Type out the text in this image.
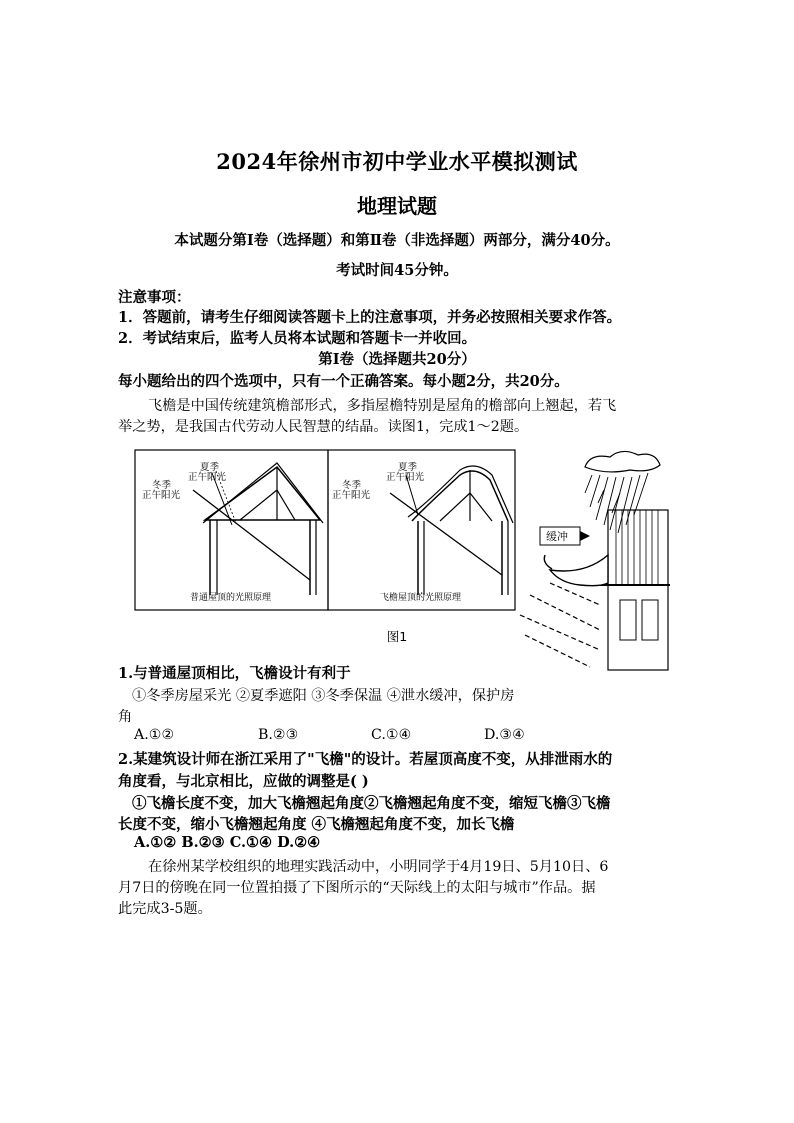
2024年徐州市初中学业水平模拟测试
地理试题
本试题分第Ⅰ卷（选择题）和第Ⅱ卷（非选择题）两部分，满分40分。
考试时间45分钟。
注意事项：
1．答题前，请考生仔细阅读答题卡上的注意事项，并务必按照相关要求作答。
2．考试结束后，监考人员将本试题和答题卡一并收回。
第Ⅰ卷（选择题共20分）
每小题给出的四个选项中，只有一个正确答案。每小题2分，共20分。
飞檐是中国传统建筑檐部形式，多指屋檐特别是屋角的檐部向上翘起，若飞
举之势，是我国古代劳动人民智慧的结晶。读图1，完成1～2题。
夏季
正午阳光
冬季
正午阳光
普通屋顶的光照原理
夏季
正午阳光
冬季
正午阳光
飞檐屋顶的光照原理
缓冲
图1
1.与普通屋顶相比，飞檐设计有利于
①冬季房屋采光 ②夏季遮阳 ③冬季保温 ④泄水缓冲，保护房
角
A.①②	B.②③	C.①④	D.③④
2.某建筑设计师在浙江采用了"飞檐"的设计。若屋顶高度不变，从排泄雨水的
角度看，与北京相比，应做的调整是( )
①飞檐长度不变，加大飞檐翘起角度②飞檐翘起角度不变，缩短飞檐③飞檐
长度不变，缩小飞檐翘起角度 ④飞檐翘起角度不变，加长飞檐
A.①② B.②③ C.①④ D.②④
在徐州某学校组织的地理实践活动中，小明同学于4月19日、5月10日、6
月7日的傍晚在同一位置拍摄了下图所示的“天际线上的太阳与城市”作品。据
此完成3-5题。
